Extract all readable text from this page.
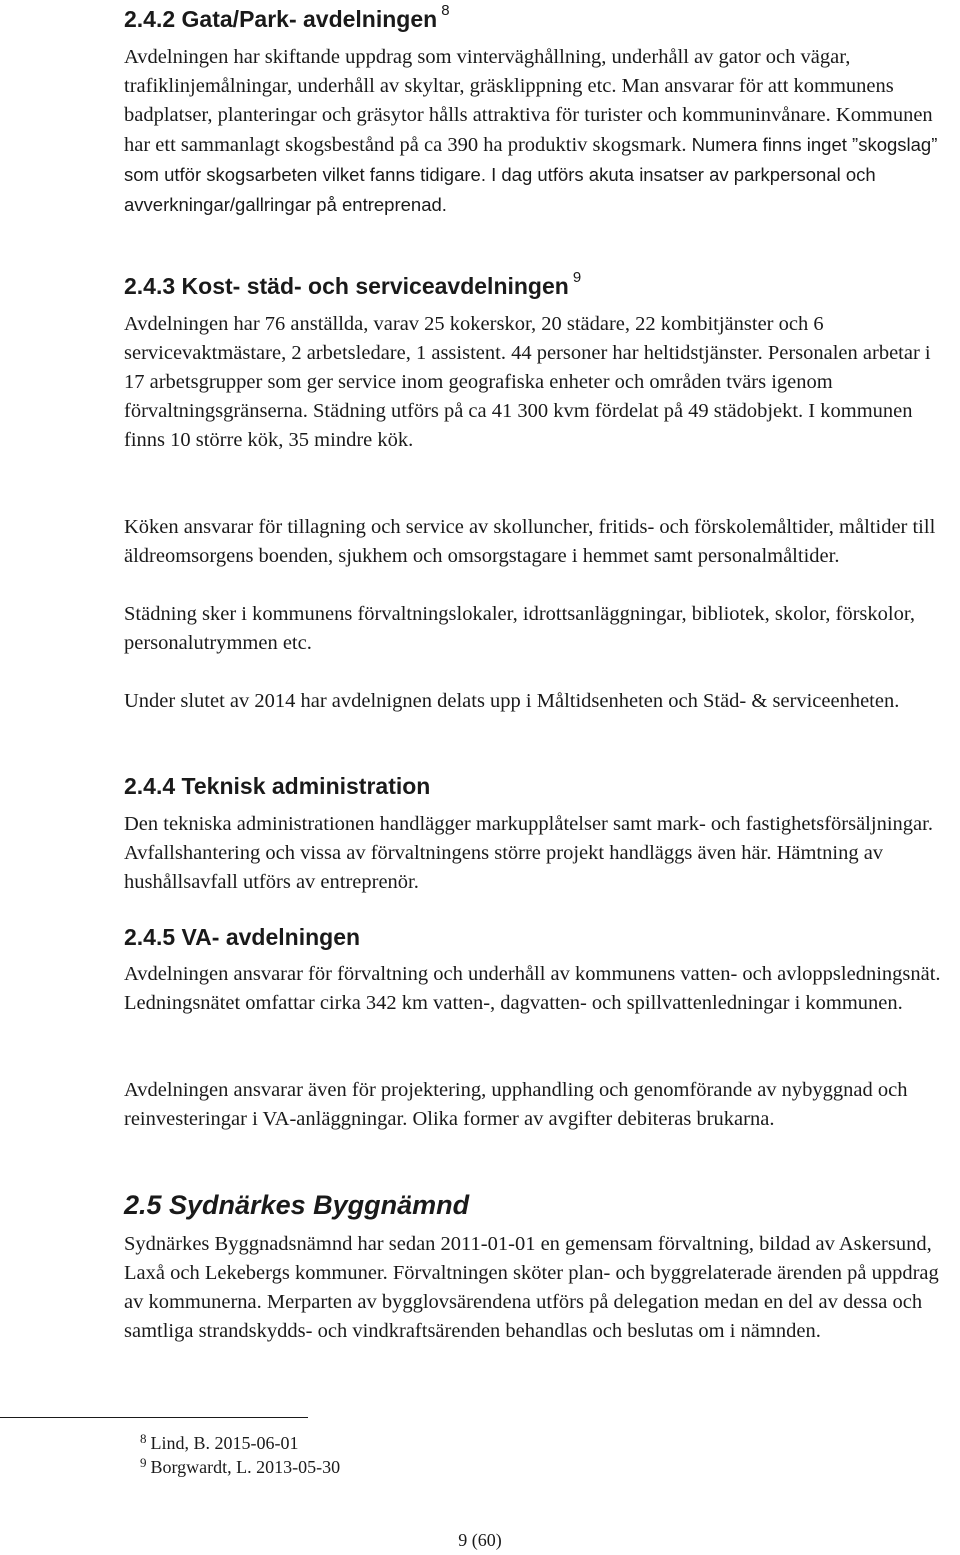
2.4.2 Gata/Park- avdelningen $^8$

Avdelningen har skiftande uppdrag som vinterväghållning, underhåll av gator och vägar, trafiklinjemålningar, underhåll av skyltar, gräsklippning etc. Man ansvarar för att kommunens badplatser, planteringar och gräsytor hålls attraktiva för turister och kommuninvånare. Kommunen har ett sammanlagt skogsbestånd på ca 390 ha produktiv skogsmark. Numera finns inget ”skogslag” som utför skogsarbeten vilket fanns tidigare. I dag utförs akuta insatser av parkpersonal och avverkningar/gallringar på entreprenad.

2.4.3 Kost- städ- och serviceavdelningen $^9$

Avdelningen har 76 anställda, varav 25 kokerskor, 20 städare, 22 kombitjänster och 6 servicevaktmästare, 2 arbetsledare, 1 assistent. 44 personer har heltidstjänster. Personalen arbetar i 17 arbetsgrupper som ger service inom geografiska enheter och områden tvärs igenom förvaltningsgränserna. Städning utförs på ca 41 300 kvm fördelat på 49 städobjekt. I kommunen finns 10 större kök, 35 mindre kök.

Köken ansvarar för tillagning och service av skolluncher, fritids- och förskolemåltider, måltider till äldreomsorgens boenden, sjukhem och omsorgstagare i hemmet samt personalmåltider.

Städning sker i kommunens förvaltningslokaler, idrottsanläggningar, bibliotek, skolor, förskolor, personalutrymmen etc.

Under slutet av 2014 har avdelnignen delats upp i Måltidsenheten och Städ- & serviceenheten.

2.4.4 Teknisk administration

Den tekniska administrationen handlägger markupplåtelser samt mark- och fastighetsförsäljningar. Avfallshantering och vissa av förvaltningens större projekt handläggs även här. Hämtning av hushållsavfall utförs av entreprenör.

2.4.5 VA- avdelningen

Avdelningen ansvarar för förvaltning och underhåll av kommunens vatten- och avloppsledningsnät. Ledningsnätet omfattar cirka 342 km vatten-, dagvatten- och spillvattenledningar i kommunen.

Avdelningen ansvarar även för projektering, upphandling och genomförande av nybyggnad och reinvesteringar i VA-anläggningar. Olika former av avgifter debiteras brukarna.

2.5 Sydnärkes Byggnämnd

Sydnärkes Byggnadsnämnd har sedan 2011-01-01 en gemensam förvaltning, bildad av Askersund, Laxå och Lekebergs kommuner. Förvaltningen sköter plan- och byggrelaterade ärenden på uppdrag av kommunerna. Merparten av bygglovsärendena utförs på delegation medan en del av dessa och samtliga strandskydds- och vindkraftsärenden behandlas och beslutas om i nämnden.

$^8$ Lind, B. 2015-06-01
$^9$ Borgwardt, L. 2013-05-30
9 (60)
